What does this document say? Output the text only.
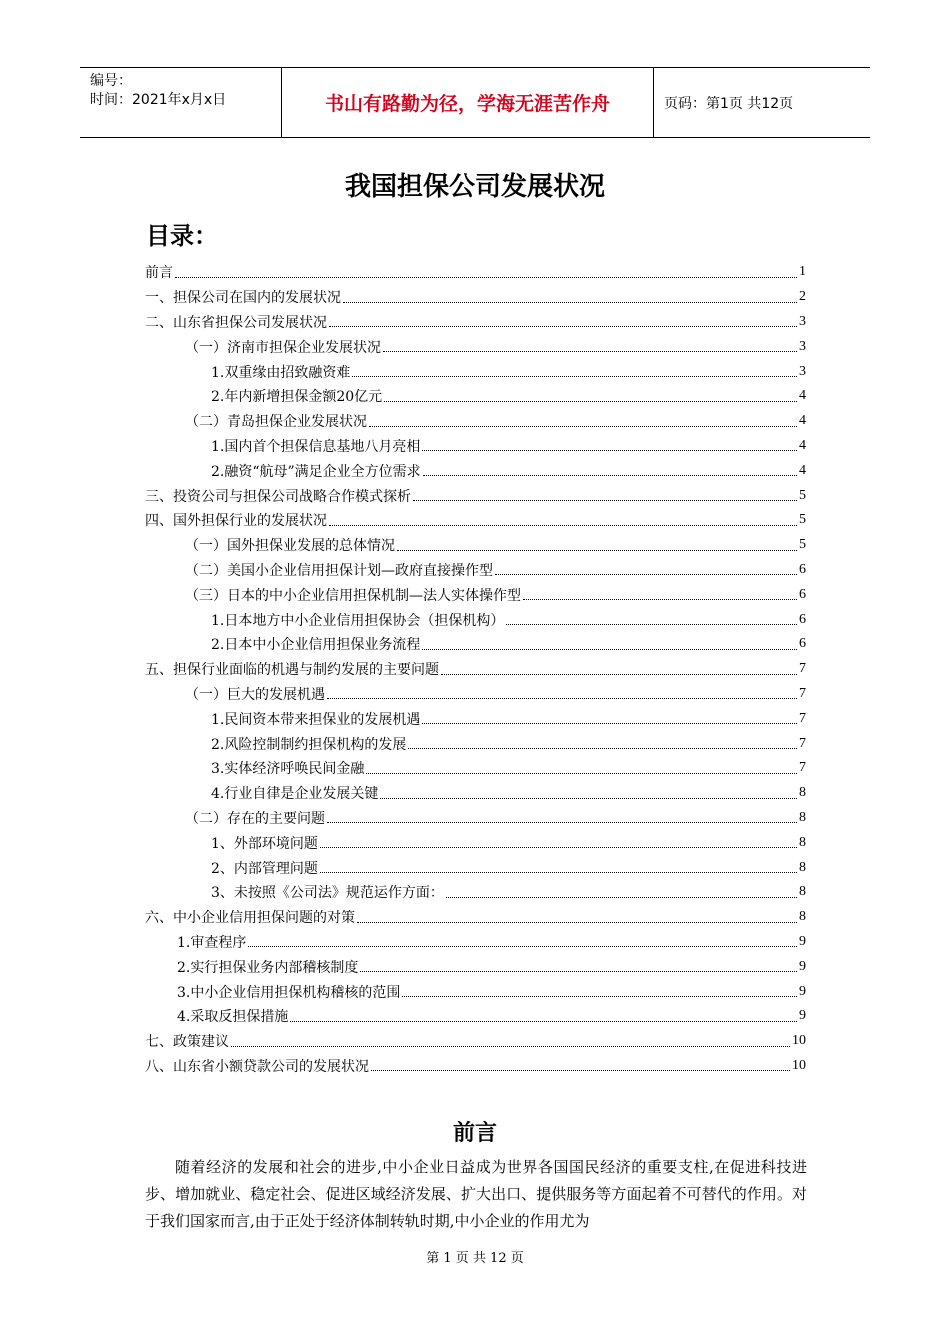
编号：
时间：2021年x月x日	书山有路勤为径，学海无涯苦作舟	页码：第1页 共12页
我国担保公司发展状况
目录：
前言	1
一、担保公司在国内的发展状况	2
二、山东省担保公司发展状况	3
（一）济南市担保企业发展状况	3
1.双重缘由招致融资难	3
2.年内新增担保金额20亿元	4
（二）青岛担保企业发展状况	4
1.国内首个担保信息基地八月亮相	4
2.融资“航母”满足企业全方位需求	4
三、投资公司与担保公司战略合作模式探析	5
四、国外担保行业的发展状况	5
（一）国外担保业发展的总体情况	5
（二）美国小企业信用担保计划—政府直接操作型	6
（三）日本的中小企业信用担保机制—法人实体操作型	6
1.日本地方中小企业信用担保协会（担保机构）	6
2.日本中小企业信用担保业务流程	6
五、担保行业面临的机遇与制约发展的主要问题	7
（一）巨大的发展机遇	7
1.民间资本带来担保业的发展机遇	7
2.风险控制制约担保机构的发展	7
3.实体经济呼唤民间金融	7
4.行业自律是企业发展关键	8
（二）存在的主要问题	8
1、外部环境问题	8
2、内部管理问题	8
3、未按照《公司法》规范运作方面：	8
六、中小企业信用担保问题的对策	8
1.审查程序	9
2.实行担保业务内部稽核制度	9
3.中小企业信用担保机构稽核的范围	9
4.采取反担保措施	9
七、政策建议	10
八、山东省小额贷款公司的发展状况	10
前言

随着经济的发展和社会的进步,中小企业日益成为世界各国国民经济的重要支柱,在促进科技进步、增加就业、稳定社会、促进区域经济发展、扩大出口、提供服务等方面起着不可替代的作用。对于我们国家而言,由于正处于经济体制转轨时期,中小企业的作用尤为

第 1 页 共 12 页
